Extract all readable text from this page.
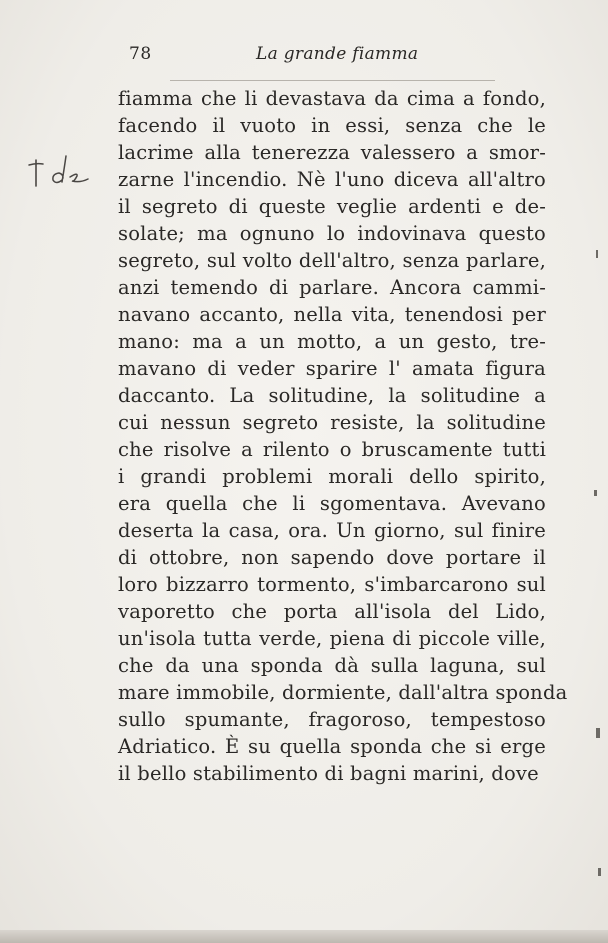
78	La grande fiamma
fiamma che li devastava da cima a fondo,
facendo il vuoto in essi, senza che le
lacrime alla tenerezza valessero a smor-
zarne l'incendio. Nè l'uno diceva all'altro
il segreto di queste veglie ardenti e de-
solate; ma ognuno lo indovinava questo
segreto, sul volto dell'altro, senza parlare,
anzi temendo di parlare. Ancora cammi-
navano accanto, nella vita, tenendosi per
mano: ma a un motto, a un gesto, tre-
mavano di veder sparire l' amata figura
daccanto. La solitudine, la solitudine a
cui nessun segreto resiste, la solitudine
che risolve a rilento o bruscamente tutti
i grandi problemi morali dello spirito,
era quella che li sgomentava. Avevano
deserta la casa, ora. Un giorno, sul finire
di ottobre, non sapendo dove portare il
loro bizzarro tormento, s'imbarcarono sul
vaporetto che porta all'isola del Lido,
un'isola tutta verde, piena di piccole ville,
che da una sponda dà sulla laguna, sul
mare immobile, dormiente, dall'altra sponda
sullo spumante, fragoroso, tempestoso
Adriatico. È su quella sponda che si erge
il bello stabilimento di bagni marini, dove
